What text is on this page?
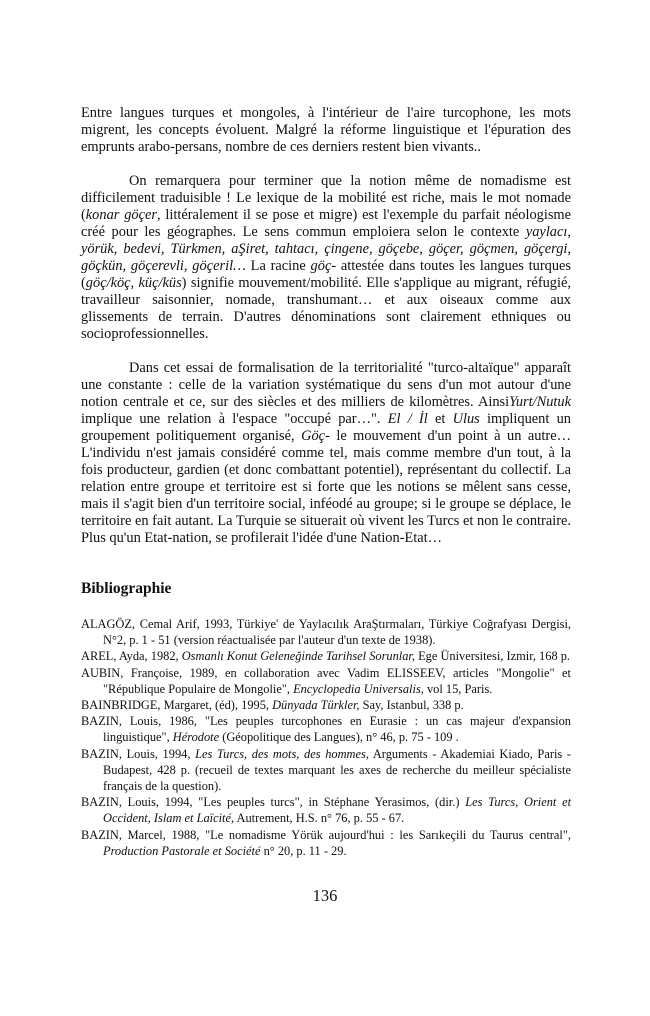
Entre langues turques et mongoles, à l'intérieur de l'aire turcophone, les mots migrent, les concepts évoluent. Malgré la réforme linguistique et l'épuration des emprunts arabo-persans, nombre de ces derniers restent bien vivants..

On remarquera pour terminer que la notion même de nomadisme est difficilement traduisible ! Le lexique de la mobilité est riche, mais le mot nomade (konar göçer, littéralement il se pose et migre) est l'exemple du parfait néologisme créé pour les géographes. Le sens commun emploiera selon le contexte yaylacı, yörük, bedevi, Türkmen, aŞiret, tahtacı, çingene, göçebe, göçer, göçmen, göçergi, göçkün, göçerevli, göçeril… La racine göç- attestée dans toutes les langues turques (göç/köç, küç/küs) signifie mouvement/mobilité. Elle s'applique au migrant, réfugié, travailleur saisonnier, nomade, transhumant… et aux oiseaux comme aux glissements de terrain. D'autres dénominations sont clairement ethniques ou socioprofessionnelles.

Dans cet essai de formalisation de la territorialité "turco-altaïque" apparaît une constante : celle de la variation systématique du sens d'un mot autour d'une notion centrale et ce, sur des siècles et des milliers de kilomètres. AinsiYurt/Nutuk implique une relation à l'espace "occupé par…". El / İl et Ulus impliquent un groupement politiquement organisé, Göç- le mouvement d'un point à un autre… L'individu n'est jamais considéré comme tel, mais comme membre d'un tout, à la fois producteur, gardien (et donc combattant potentiel), représentant du collectif. La relation entre groupe et territoire est si forte que les notions se mêlent sans cesse, mais il s'agit bien d'un territoire social, inféodé au groupe; si le groupe se déplace, le territoire en fait autant. La Turquie se situerait où vivent les Turcs et non le contraire. Plus qu'un Etat-nation, se profilerait l'idée d'une Nation-Etat…

Bibliographie

ALAGÖZ, Cemal Arif, 1993, Türkiye' de Yaylacılık AraŞtırmaları, Türkiye Coğrafyası Dergisi, N°2, p. 1 - 51 (version réactualisée par l'auteur d'un texte de 1938).

AREL, Ayda, 1982, Osmanlı Konut Geleneğinde Tarihsel Sorunlar, Ege Üniversitesi, Izmir, 168 p.

AUBIN, Françoise, 1989, en collaboration avec Vadim ELISSEEV, articles "Mongolie" et "République Populaire de Mongolie", Encyclopedia Universalis, vol 15, Paris.

BAINBRIDGE, Margaret, (éd), 1995, Dünyada Türkler, Say, Istanbul, 338 p.

BAZIN, Louis, 1986, "Les peuples turcophones en Eurasie : un cas majeur d'expansion linguistique", Hérodote (Géopolitique des Langues), n° 46, p. 75 - 109 .

BAZIN, Louis, 1994, Les Turcs, des mots, des hommes, Arguments - Akademiai Kiado, Paris - Budapest, 428 p. (recueil de textes marquant les axes de recherche du meilleur spécialiste français de la question).

BAZIN, Louis, 1994, "Les peuples turcs", in Stéphane Yerasimos, (dir.) Les Turcs, Orient et Occident, Islam et Laïcité, Autrement, H.S. n° 76, p. 55 - 67.

BAZIN, Marcel, 1988, "Le nomadisme Yörük aujourd'hui : les Sarıkeçili du Taurus central", Production Pastorale et Société n° 20, p. 11 - 29.

136
